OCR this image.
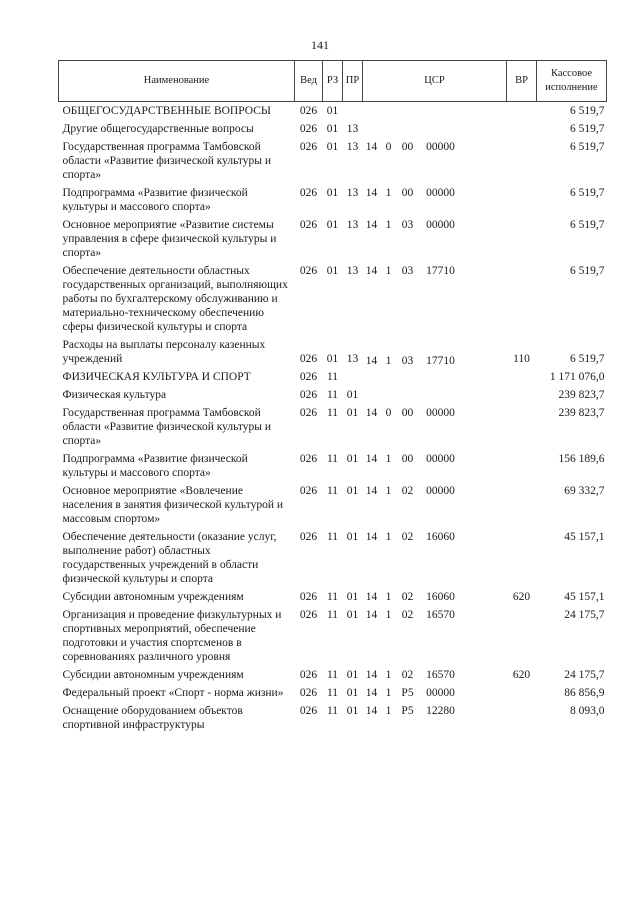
141
Наименование	Вед	РЗ	ПР	ЦСР	ВР	Кассовое исполнение
ОБЩЕГОСУДАРСТВЕННЫЕ ВОПРОСЫ	026	01				6 519,7
Другие общегосударственные вопросы	026	01	13			6 519,7
Государственная программа Тамбовской области «Развитие физической культуры и спорта»	026	01	13	14 0 00 00000		6 519,7
Подпрограмма «Развитие физической культуры и массового спорта»	026	01	13	14 1 00 00000		6 519,7
Основное мероприятие «Развитие системы управления в сфере физической культуры и спорта»	026	01	13	14 1 03 00000		6 519,7
Обеспечение деятельности областных государственных организаций, выполняющих работы по бухгалтерскому обслуживанию и материально-техническому обеспечению сферы физической культуры и спорта	026	01	13	14 1 03 17710		6 519,7
Расходы на выплаты персоналу казенных учреждений	026	01	13	14 1 03 17710	110	6 519,7
ФИЗИЧЕСКАЯ КУЛЬТУРА И СПОРТ	026	11				1 171 076,0
Физическая культура	026	11	01			239 823,7
Государственная программа Тамбовской области «Развитие физической культуры и спорта»	026	11	01	14 0 00 00000		239 823,7
Подпрограмма «Развитие физической культуры и массового спорта»	026	11	01	14 1 00 00000		156 189,6
Основное мероприятие «Вовлечение населения в занятия физической культурой и массовым спортом»	026	11	01	14 1 02 00000		69 332,7
Обеспечение деятельности (оказание услуг, выполнение работ) областных государственных учреждений в области физической культуры и спорта	026	11	01	14 1 02 16060		45 157,1
Субсидии автономным учреждениям	026	11	01	14 1 02 16060	620	45 157,1
Организация и проведение физкультурных и спортивных мероприятий, обеспечение подготовки и участия спортсменов в соревнованиях различного уровня	026	11	01	14 1 02 16570		24 175,7
Субсидии автономным учреждениям	026	11	01	14 1 02 16570	620	24 175,7
Федеральный проект «Спорт - норма жизни»	026	11	01	14 1 P5 00000		86 856,9
Оснащение оборудованием объектов спортивной инфраструктуры	026	11	01	14 1 P5 12280		8 093,0
